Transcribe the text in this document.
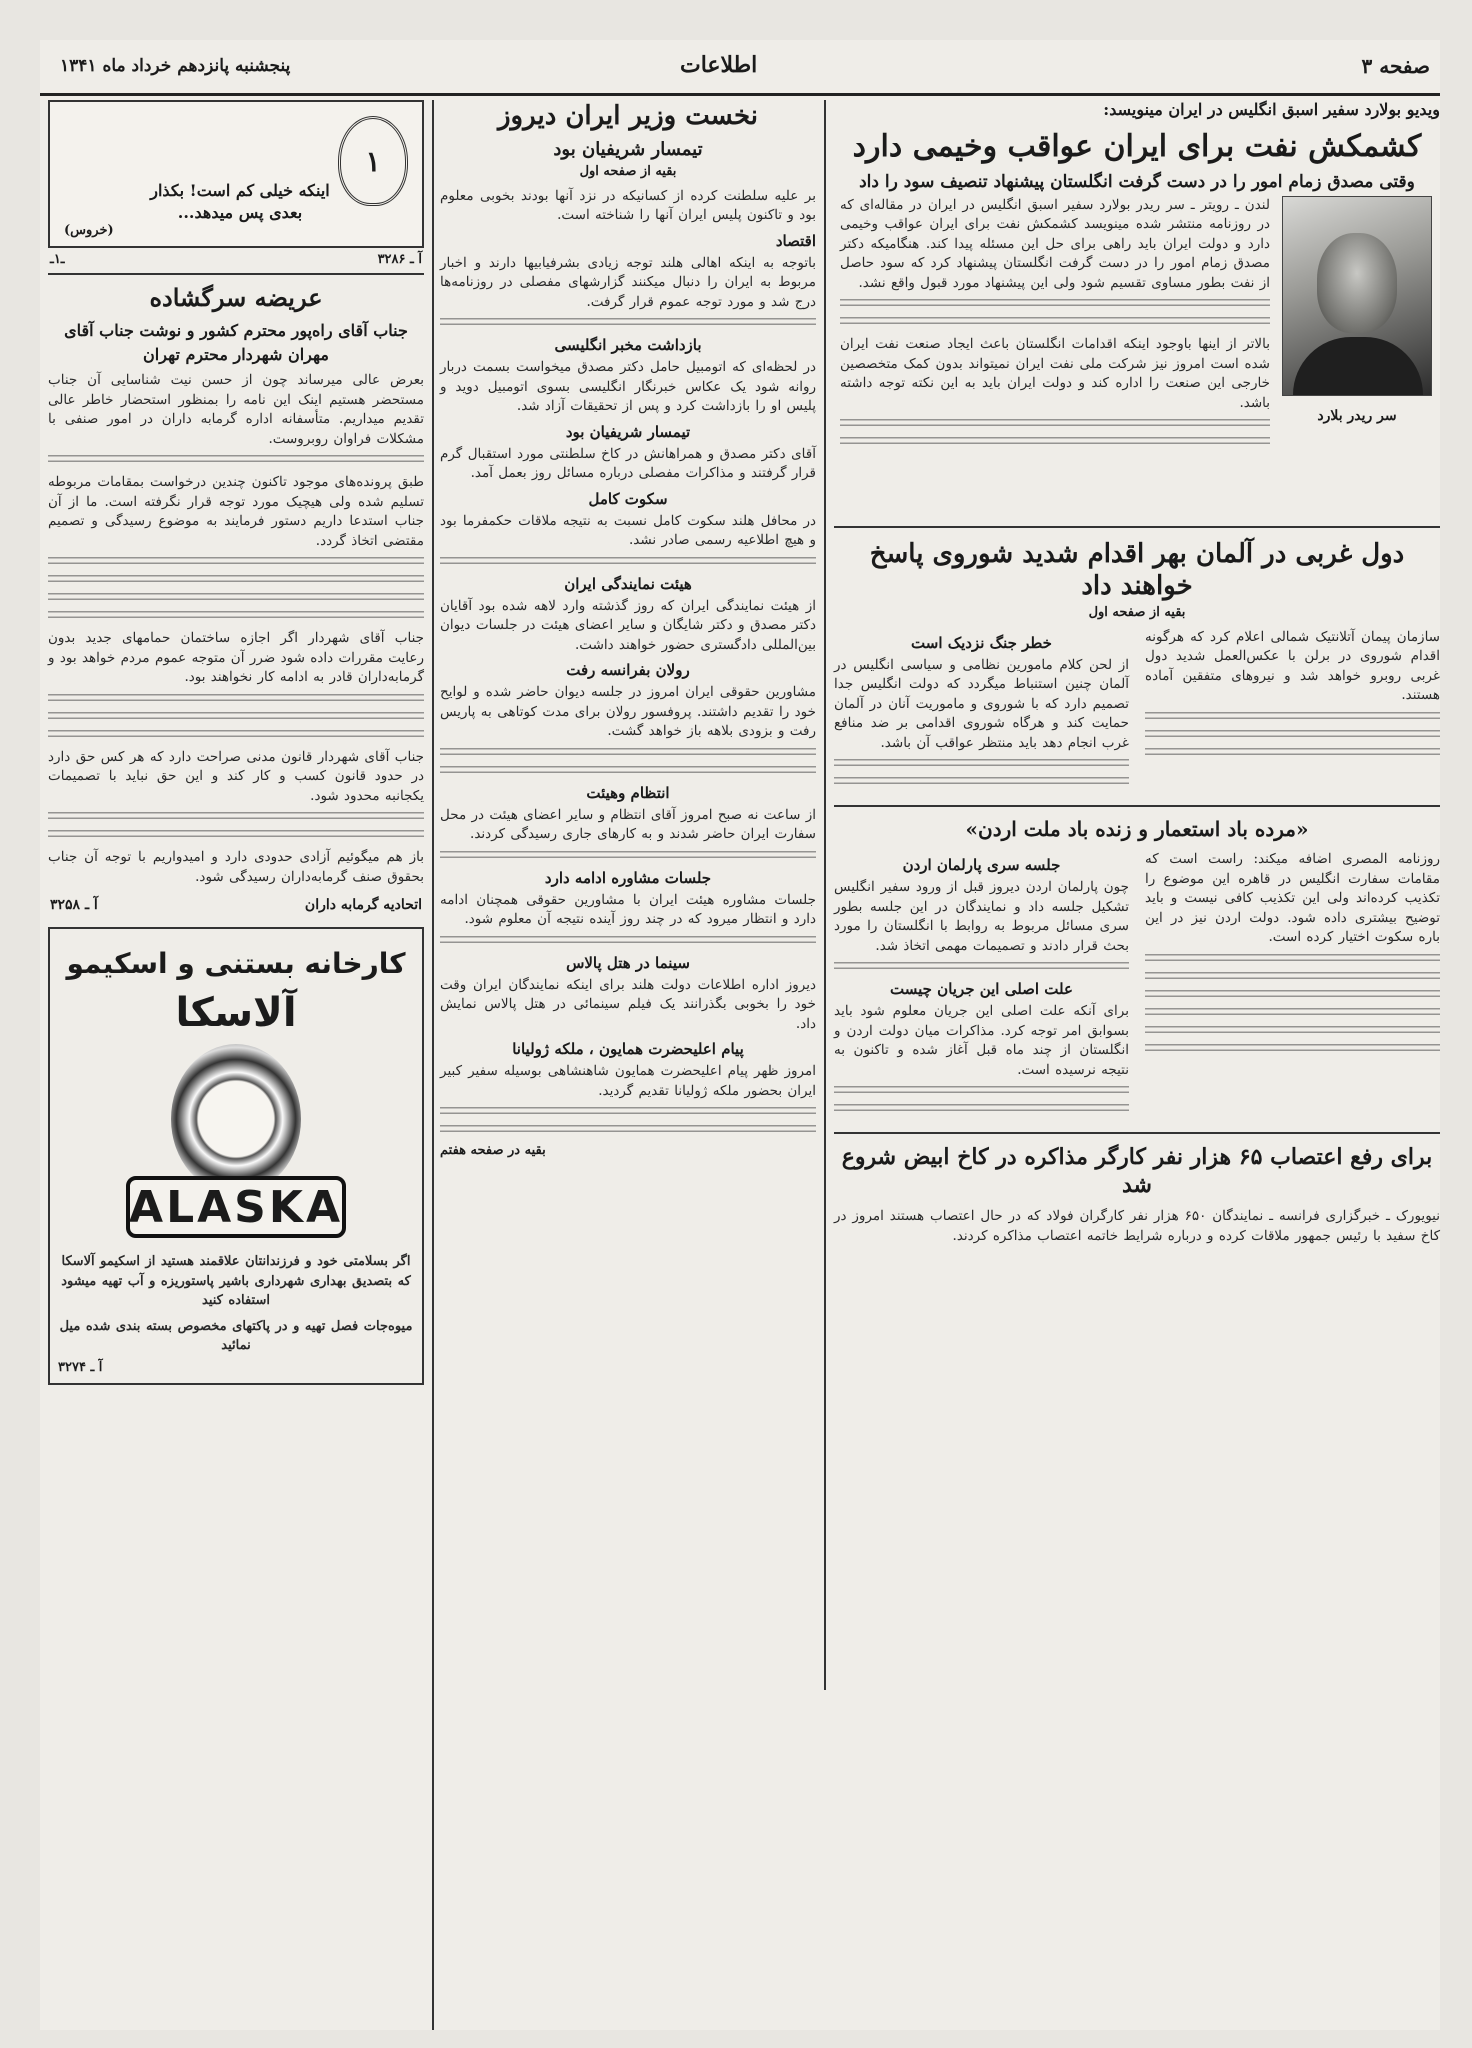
صفحه ۳
اطلاعات
پنجشنبه پانزدهم خرداد ماه ۱۳۴۱
ویدیو بولارد سفیر اسبق انگلیس در ایران مینویسد:
کشمکش نفت برای ایران عواقب وخیمی دارد
وقتی مصدق زمام امور را در دست گرفت انگلستان پیشنهاد تنصیف سود را داد
سر ریدر بلارد
لندن ـ رویتر ـ سر ریدر بولارد سفیر اسبق انگلیس در ایران در مقاله‌ای که در روزنامه منتشر شده مینویسد کشمکش نفت برای ایران عواقب وخیمی دارد و دولت ایران باید راهی برای حل این مسئله پیدا کند. هنگامیکه دکتر مصدق زمام امور را در دست گرفت انگلستان پیشنهاد کرد که سود حاصل از نفت بطور مساوی تقسیم شود ولی این پیشنهاد مورد قبول واقع نشد.
بالاتر از اینها باوجود اینکه اقدامات انگلستان باعث ایجاد صنعت نفت ایران شده است امروز نیز شرکت ملی نفت ایران نمیتواند بدون کمک متخصصین خارجی این صنعت را اداره کند و دولت ایران باید به این نکته توجه داشته باشد.
دول غربی در آلمان بهر اقدام شدید شوروی پاسخ خواهند داد
بقیه از صفحه اول
سازمان پیمان آتلانتیک شمالی اعلام کرد که هرگونه اقدام شوروی در برلن با عکس‌العمل شدید دول غربی روبرو خواهد شد و نیروهای متفقین آماده هستند.
خطر جنگ نزدیک است
از لحن کلام مامورین نظامی و سیاسی انگلیس در آلمان چنین استنباط میگردد که دولت انگلیس جدا تصمیم دارد که با شوروی و ماموریت آنان در آلمان حمایت کند و هرگاه شوروی اقدامی بر ضد منافع غرب انجام دهد باید منتظر عواقب آن باشد.
«مرده باد استعمار و زنده باد ملت اردن»
روزنامه المصری اضافه میکند: راست است که مقامات سفارت انگلیس در قاهره این موضوع را تکذیب کرده‌اند ولی این تکذیب کافی نیست و باید توضیح بیشتری داده شود. دولت اردن نیز در این باره سکوت اختیار کرده است.
جلسه سری پارلمان اردن
چون پارلمان اردن دیروز قبل از ورود سفیر انگلیس تشکیل جلسه داد و نمایندگان در این جلسه بطور سری مسائل مربوط به روابط با انگلستان را مورد بحث قرار دادند و تصمیمات مهمی اتخاذ شد.
علت اصلی این جریان چیست
برای آنکه علت اصلی این جریان معلوم شود باید بسوابق امر توجه کرد. مذاکرات میان دولت اردن و انگلستان از چند ماه قبل آغاز شده و تاکنون به نتیجه نرسیده است.
برای رفع اعتصاب ۶۵ هزار نفر کارگر مذاکره در کاخ ابیض شروع شد
نیویورک ـ خبرگزاری فرانسه ـ نمایندگان ۶۵۰ هزار نفر کارگران فولاد که در حال اعتصاب هستند امروز در کاخ سفید با رئیس جمهور ملاقات کرده و درباره شرایط خاتمه اعتصاب مذاکره کردند.
نخست وزیر ایران دیروز
تیمسار شریفیان بود
بقیه از صفحه اول
بر علیه سلطنت کرده از کسانیکه در نزد آنها بودند بخوبی معلوم بود و تاکنون پلیس ایران آنها را شناخته است.
اقتصاد
باتوجه به اینکه اهالی هلند توجه زیادی بشرفیابیها دارند و اخبار مربوط به ایران را دنبال میکنند گزارشهای مفصلی در روزنامه‌ها درج شد و مورد توجه عموم قرار گرفت.
بازداشت مخبر انگلیسی
در لحظه‌ای که اتومبیل حامل دکتر مصدق میخواست بسمت دربار روانه شود یک عکاس خبرنگار انگلیسی بسوی اتومبیل دوید و پلیس او را بازداشت کرد و پس از تحقیقات آزاد شد.
تیمسار شریفیان بود
آقای دکتر مصدق و همراهانش در کاخ سلطنتی مورد استقبال گرم قرار گرفتند و مذاکرات مفصلی درباره مسائل روز بعمل آمد.
سکوت کامل
در محافل هلند سکوت کامل نسبت به نتیجه ملاقات حکمفرما بود و هیچ اطلاعیه رسمی صادر نشد.
هیئت نمایندگی ایران
از هیئت نمایندگی ایران که روز گذشته وارد لاهه شده بود آقایان دکتر مصدق و دکتر شایگان و سایر اعضای هیئت در جلسات دیوان بین‌المللی دادگستری حضور خواهند داشت.
رولان بفرانسه رفت
مشاورین حقوقی ایران امروز در جلسه دیوان حاضر شده و لوایح خود را تقدیم داشتند. پروفسور رولان برای مدت کوتاهی به پاریس رفت و بزودی بلاهه باز خواهد گشت.
انتظام وهیئت
از ساعت نه صبح امروز آقای انتظام و سایر اعضای هیئت در محل سفارت ایران حاضر شدند و به کارهای جاری رسیدگی کردند.
جلسات مشاوره ادامه دارد
جلسات مشاوره هیئت ایران با مشاورین حقوقی همچنان ادامه دارد و انتظار میرود که در چند روز آینده نتیجه آن معلوم شود.
سینما در هتل پالاس
دیروز اداره اطلاعات دولت هلند برای اینکه نمایندگان ایران وقت خود را بخوبی بگذرانند یک فیلم سینمائی در هتل پالاس نمایش داد.
پیام اعلیحضرت همایون ، ملکه ژولیانا
امروز ظهر پیام اعلیحضرت همایون شاهنشاهی بوسیله سفیر کبیر ایران بحضور ملکه ژولیانا تقدیم گردید.
بقیه در صفحه هفتم
۱
اینکه خیلی کم است! بکذار بعدی پس میدهد...
(خروس)
آ ـ ۳۲۸۶
ـ۱ـ
عریضه سرگشاده
جناب آقای راه‌پور محترم کشور و نوشت جناب آقای مهران شهردار محترم تهران
بعرض عالی میرساند چون از حسن نیت شناسایی آن جناب مستحضر هستیم اینک این نامه را بمنظور استحضار خاطر عالی تقدیم میداریم. متأسفانه اداره گرمابه داران در امور صنفی با مشکلات فراوان روبروست.
طبق پرونده‌های موجود تاکنون چندین درخواست بمقامات مربوطه تسلیم شده ولی هیچیک مورد توجه قرار نگرفته است. ما از آن جناب استدعا داریم دستور فرمایند به موضوع رسیدگی و تصمیم مقتضی اتخاذ گردد.
جناب آقای شهردار اگر اجازه ساختمان حمامهای جدید بدون رعایت مقررات داده شود ضرر آن متوجه عموم مردم خواهد بود و گرمابه‌داران قادر به ادامه کار نخواهند بود.
جناب آقای شهردار قانون مدنی صراحت دارد که هر کس حق دارد در حدود قانون کسب و کار کند و این حق نباید با تصمیمات یکجانبه محدود شود.
باز هم میگوئیم آزادی حدودی دارد و امیدواریم با توجه آن جناب بحقوق صنف گرمابه‌داران رسیدگی شود.
اتحادیه گرمابه داران
آ ـ ۳۲۵۸
کارخانه بستنی و اسکیمو
آلاسکا
ALASKA
اگر بسلامتی خود و فرزندانتان علاقمند هستید از اسکیمو آلاسکا که بتصدیق بهداری شهرداری باشیر پاستوریزه و آب تهیه میشود استفاده کنید
میوه‌جات فصل تهیه و در پاکتهای مخصوص بسته بندی شده میل نمائید
آ ـ ۳۲۷۴
